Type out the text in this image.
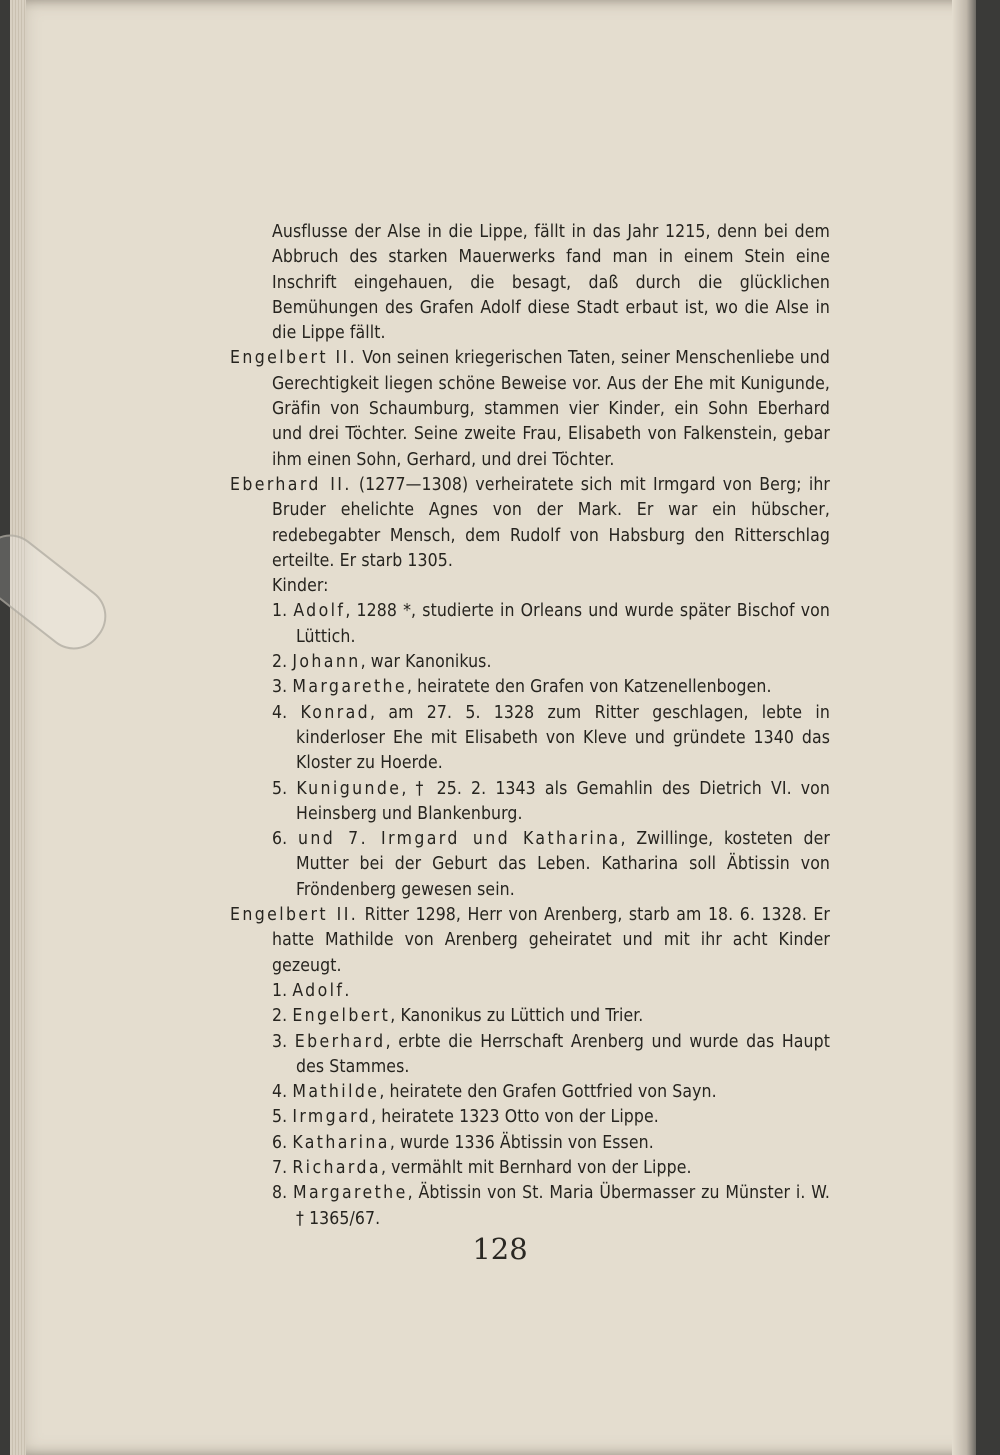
Ausflusse der Alse in die Lippe, fällt in das Jahr 1215, denn bei dem Abbruch des starken Mauerwerks fand man in einem Stein eine Inschrift eingehauen, die besagt, daß durch die glücklichen Bemühungen des Grafen Adolf diese Stadt erbaut ist, wo die Alse in die Lippe fällt.
Engelbert II. Von seinen kriegerischen Taten, seiner Menschenliebe und Gerechtigkeit liegen schöne Beweise vor. Aus der Ehe mit Kunigunde, Gräfin von Schaumburg, stammen vier Kinder, ein Sohn Eberhard und drei Töchter. Seine zweite Frau, Elisabeth von Falkenstein, gebar ihm einen Sohn, Gerhard, und drei Töchter.
Eberhard II. (1277—1308) verheiratete sich mit Irmgard von Berg; ihr Bruder ehelichte Agnes von der Mark. Er war ein hübscher, redebegabter Mensch, dem Rudolf von Habsburg den Ritterschlag erteilte. Er starb 1305.
Kinder:
1. Adolf, 1288 *, studierte in Orleans und wurde später Bischof von Lüttich.
2. Johann, war Kanonikus.
3. Margarethe, heiratete den Grafen von Katzenellenbogen.
4. Konrad, am 27. 5. 1328 zum Ritter geschlagen, lebte in kinderloser Ehe mit Elisabeth von Kleve und gründete 1340 das Kloster zu Hoerde.
5. Kunigunde, † 25. 2. 1343 als Gemahlin des Dietrich VI. von Heinsberg und Blankenburg.
6. und 7. Irmgard und Katharina, Zwillinge, kosteten der Mutter bei der Geburt das Leben. Katharina soll Äbtissin von Fröndenberg gewesen sein.
Engelbert II. Ritter 1298, Herr von Arenberg, starb am 18. 6. 1328. Er hatte Mathilde von Arenberg geheiratet und mit ihr acht Kinder gezeugt.
1. Adolf.
2. Engelbert, Kanonikus zu Lüttich und Trier.
3. Eberhard, erbte die Herrschaft Arenberg und wurde das Haupt des Stammes.
4. Mathilde, heiratete den Grafen Gottfried von Sayn.
5. Irmgard, heiratete 1323 Otto von der Lippe.
6. Katharina, wurde 1336 Äbtissin von Essen.
7. Richarda, vermählt mit Bernhard von der Lippe.
8. Margarethe, Äbtissin von St. Maria Übermasser zu Münster i. W. † 1365/67.
128
